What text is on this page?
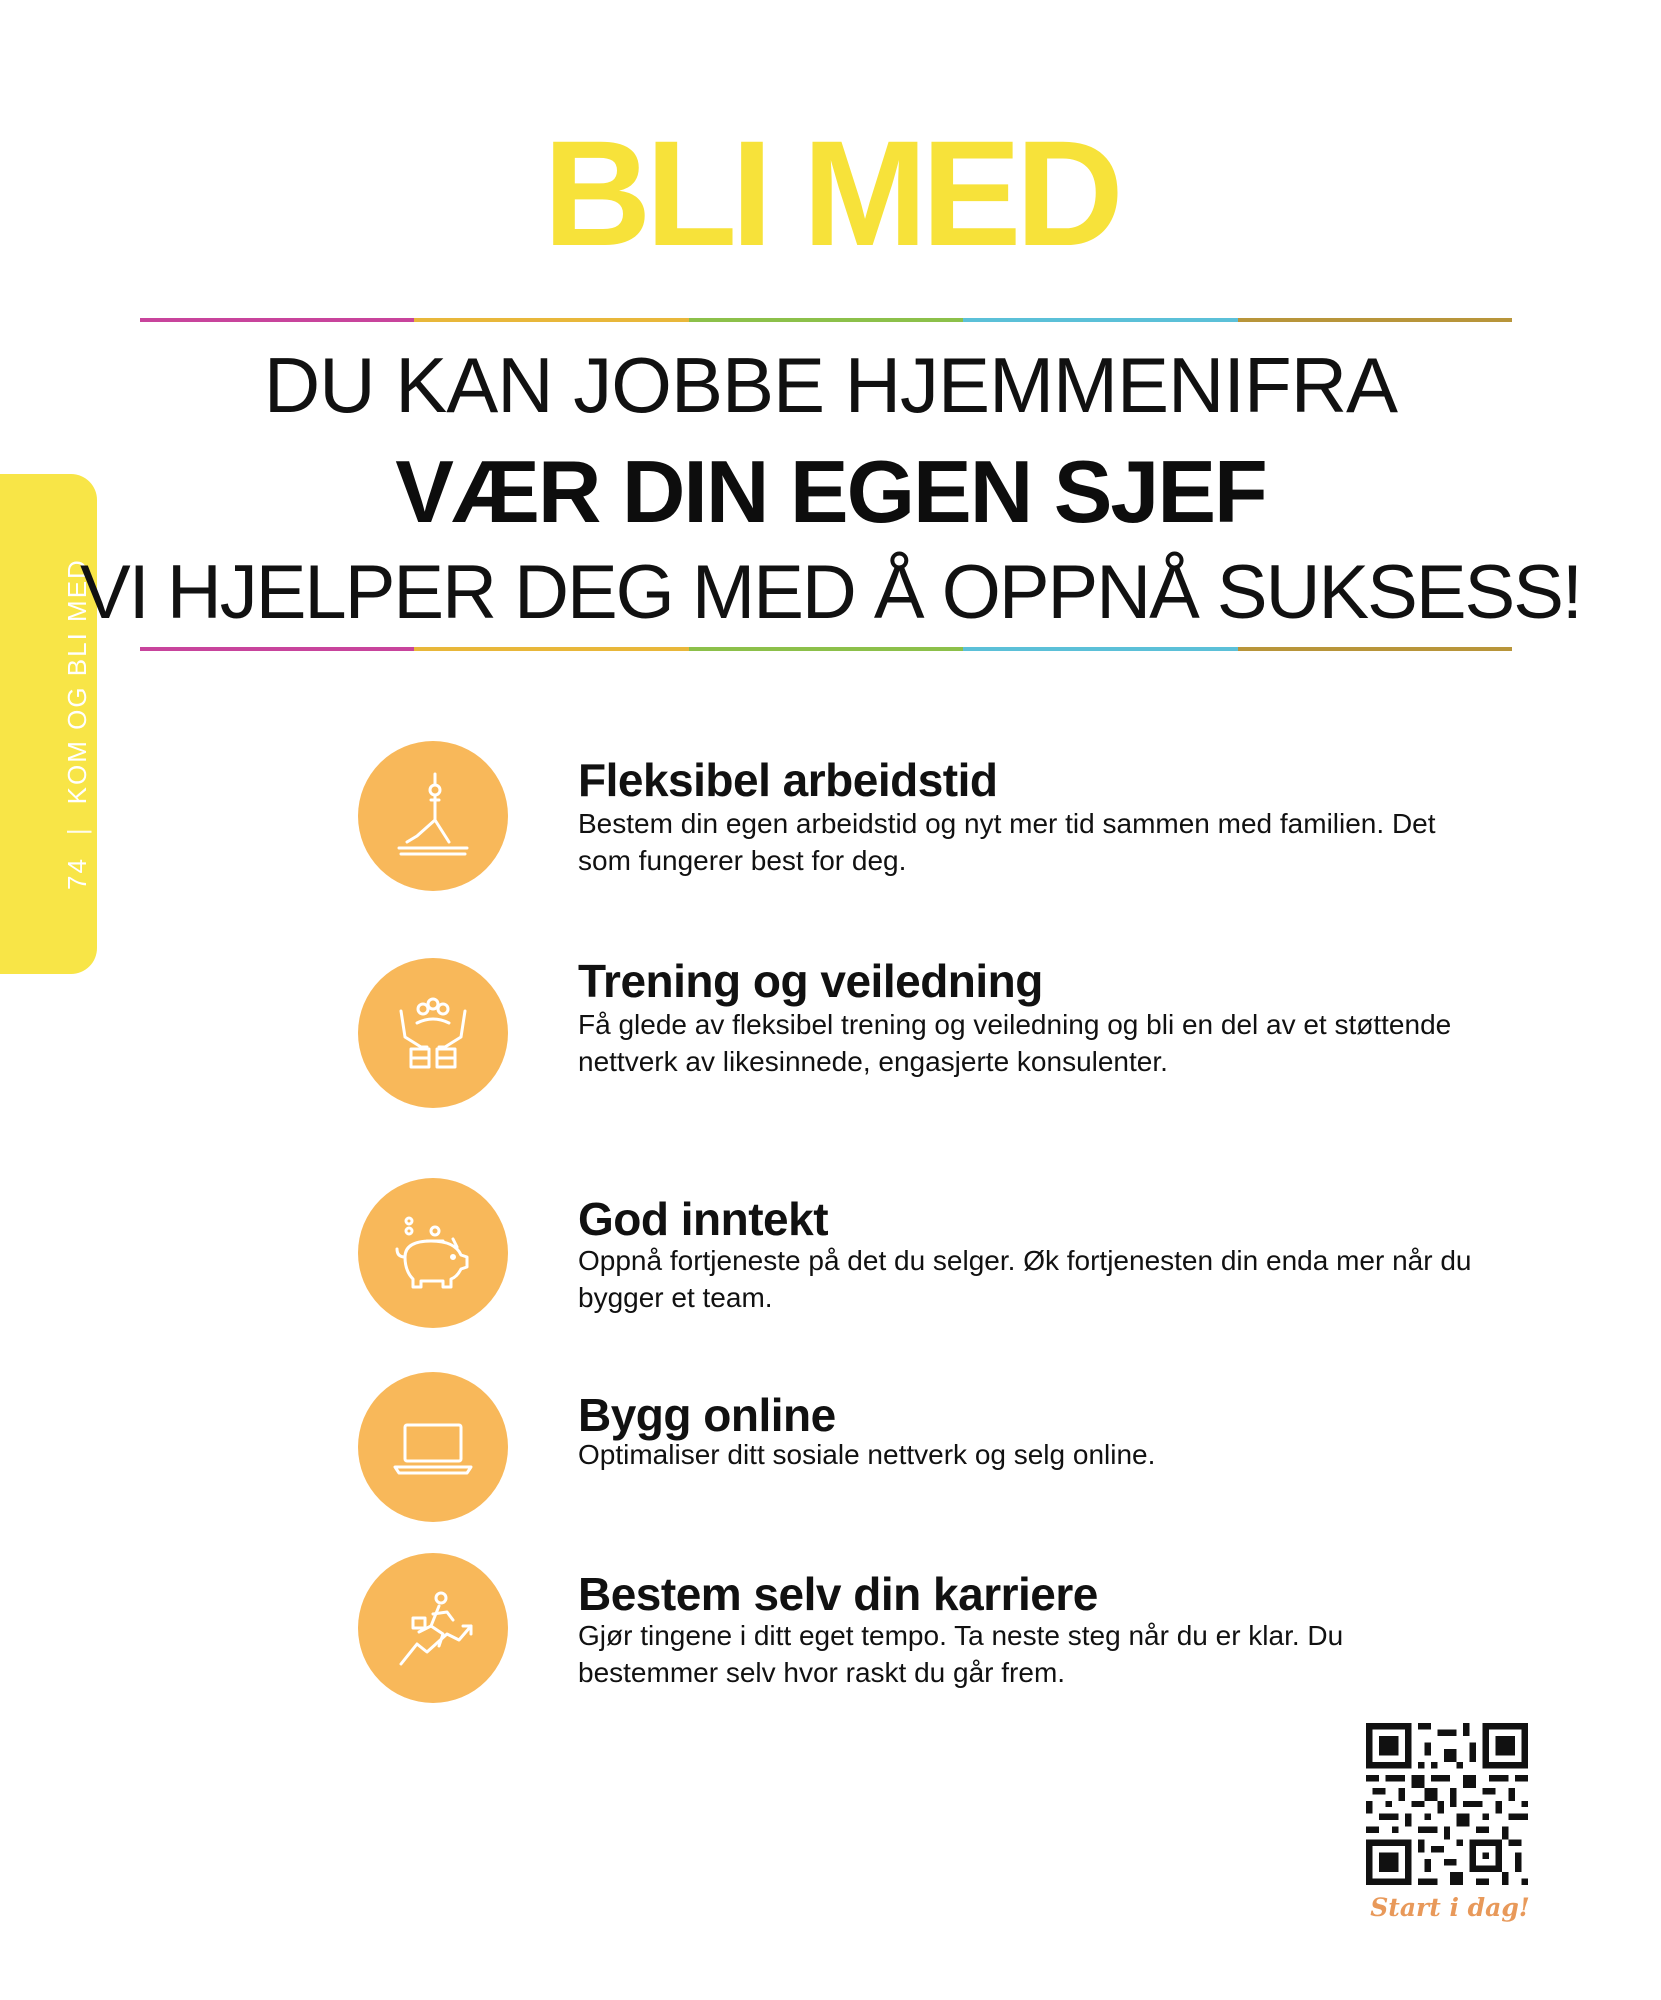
74|KOM OG BLI MED
BLI MED
DU KAN JOBBE HJEMMENIFRA
VÆR DIN EGEN SJEF
VI HJELPER DEG MED Å OPPNÅ SUKSESS!
Fleksibel arbeidstid
Bestem din egen arbeidstid og nyt mer tid sammen med familien. Det som fungerer best for deg.
Trening og veiledning
Få glede av fleksibel trening og veiledning og bli en del av et støttende nettverk av likesinnede, engasjerte konsulenter.
God inntekt
Oppnå fortjeneste på det du selger. Øk fortjenesten din enda mer når du bygger et team.
Bygg online
Optimaliser ditt sosiale nettverk og selg online.
Bestem selv din karriere
Gjør tingene i ditt eget tempo. Ta neste steg når du er klar. Du bestemmer selv hvor raskt du går frem.
Start i dag!
